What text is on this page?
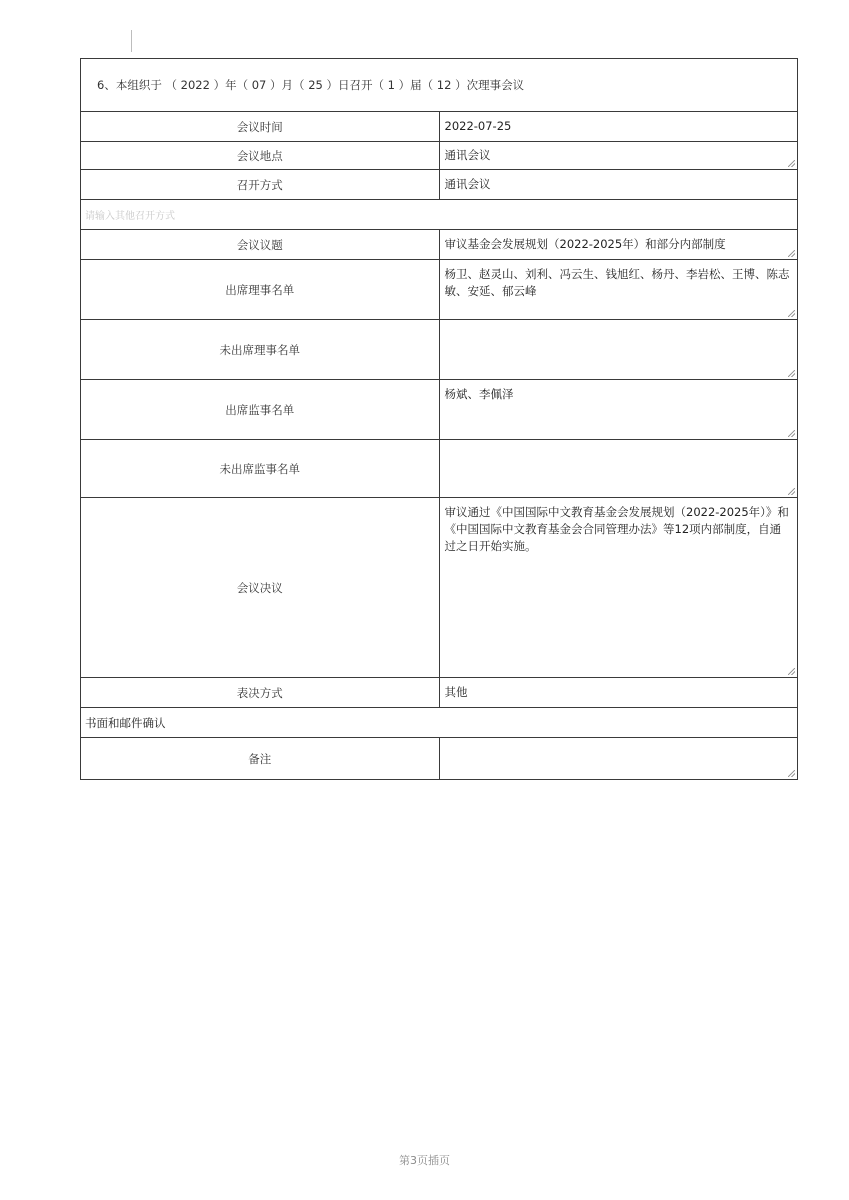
6、本组织于 （ 2022 ）年（ 07 ）月（ 25 ）日召开（ 1 ）届（ 12 ）次理事会议	
会议时间	2022-07-25
会议地点	通讯会议

召开方式	通讯会议
请输入其他召开方式	
会议议题	审议基金会发展规划（2022-2025年）和部分内部制度

出席理事名单	杨卫、赵灵山、刘利、冯云生、钱旭红、杨丹、李岩松、王博、陈志敏、安延、郁云峰

未出席理事名单	

出席监事名单	杨斌、李佩泽

未出席监事名单	

会议决议	审议通过《中国国际中文教育基金会发展规划（2022-2025年）》和《中国国际中文教育基金会合同管理办法》等12项内部制度，自通过之日开始实施。

表决方式	其他
书面和邮件确认	
备注	
第3页插页
